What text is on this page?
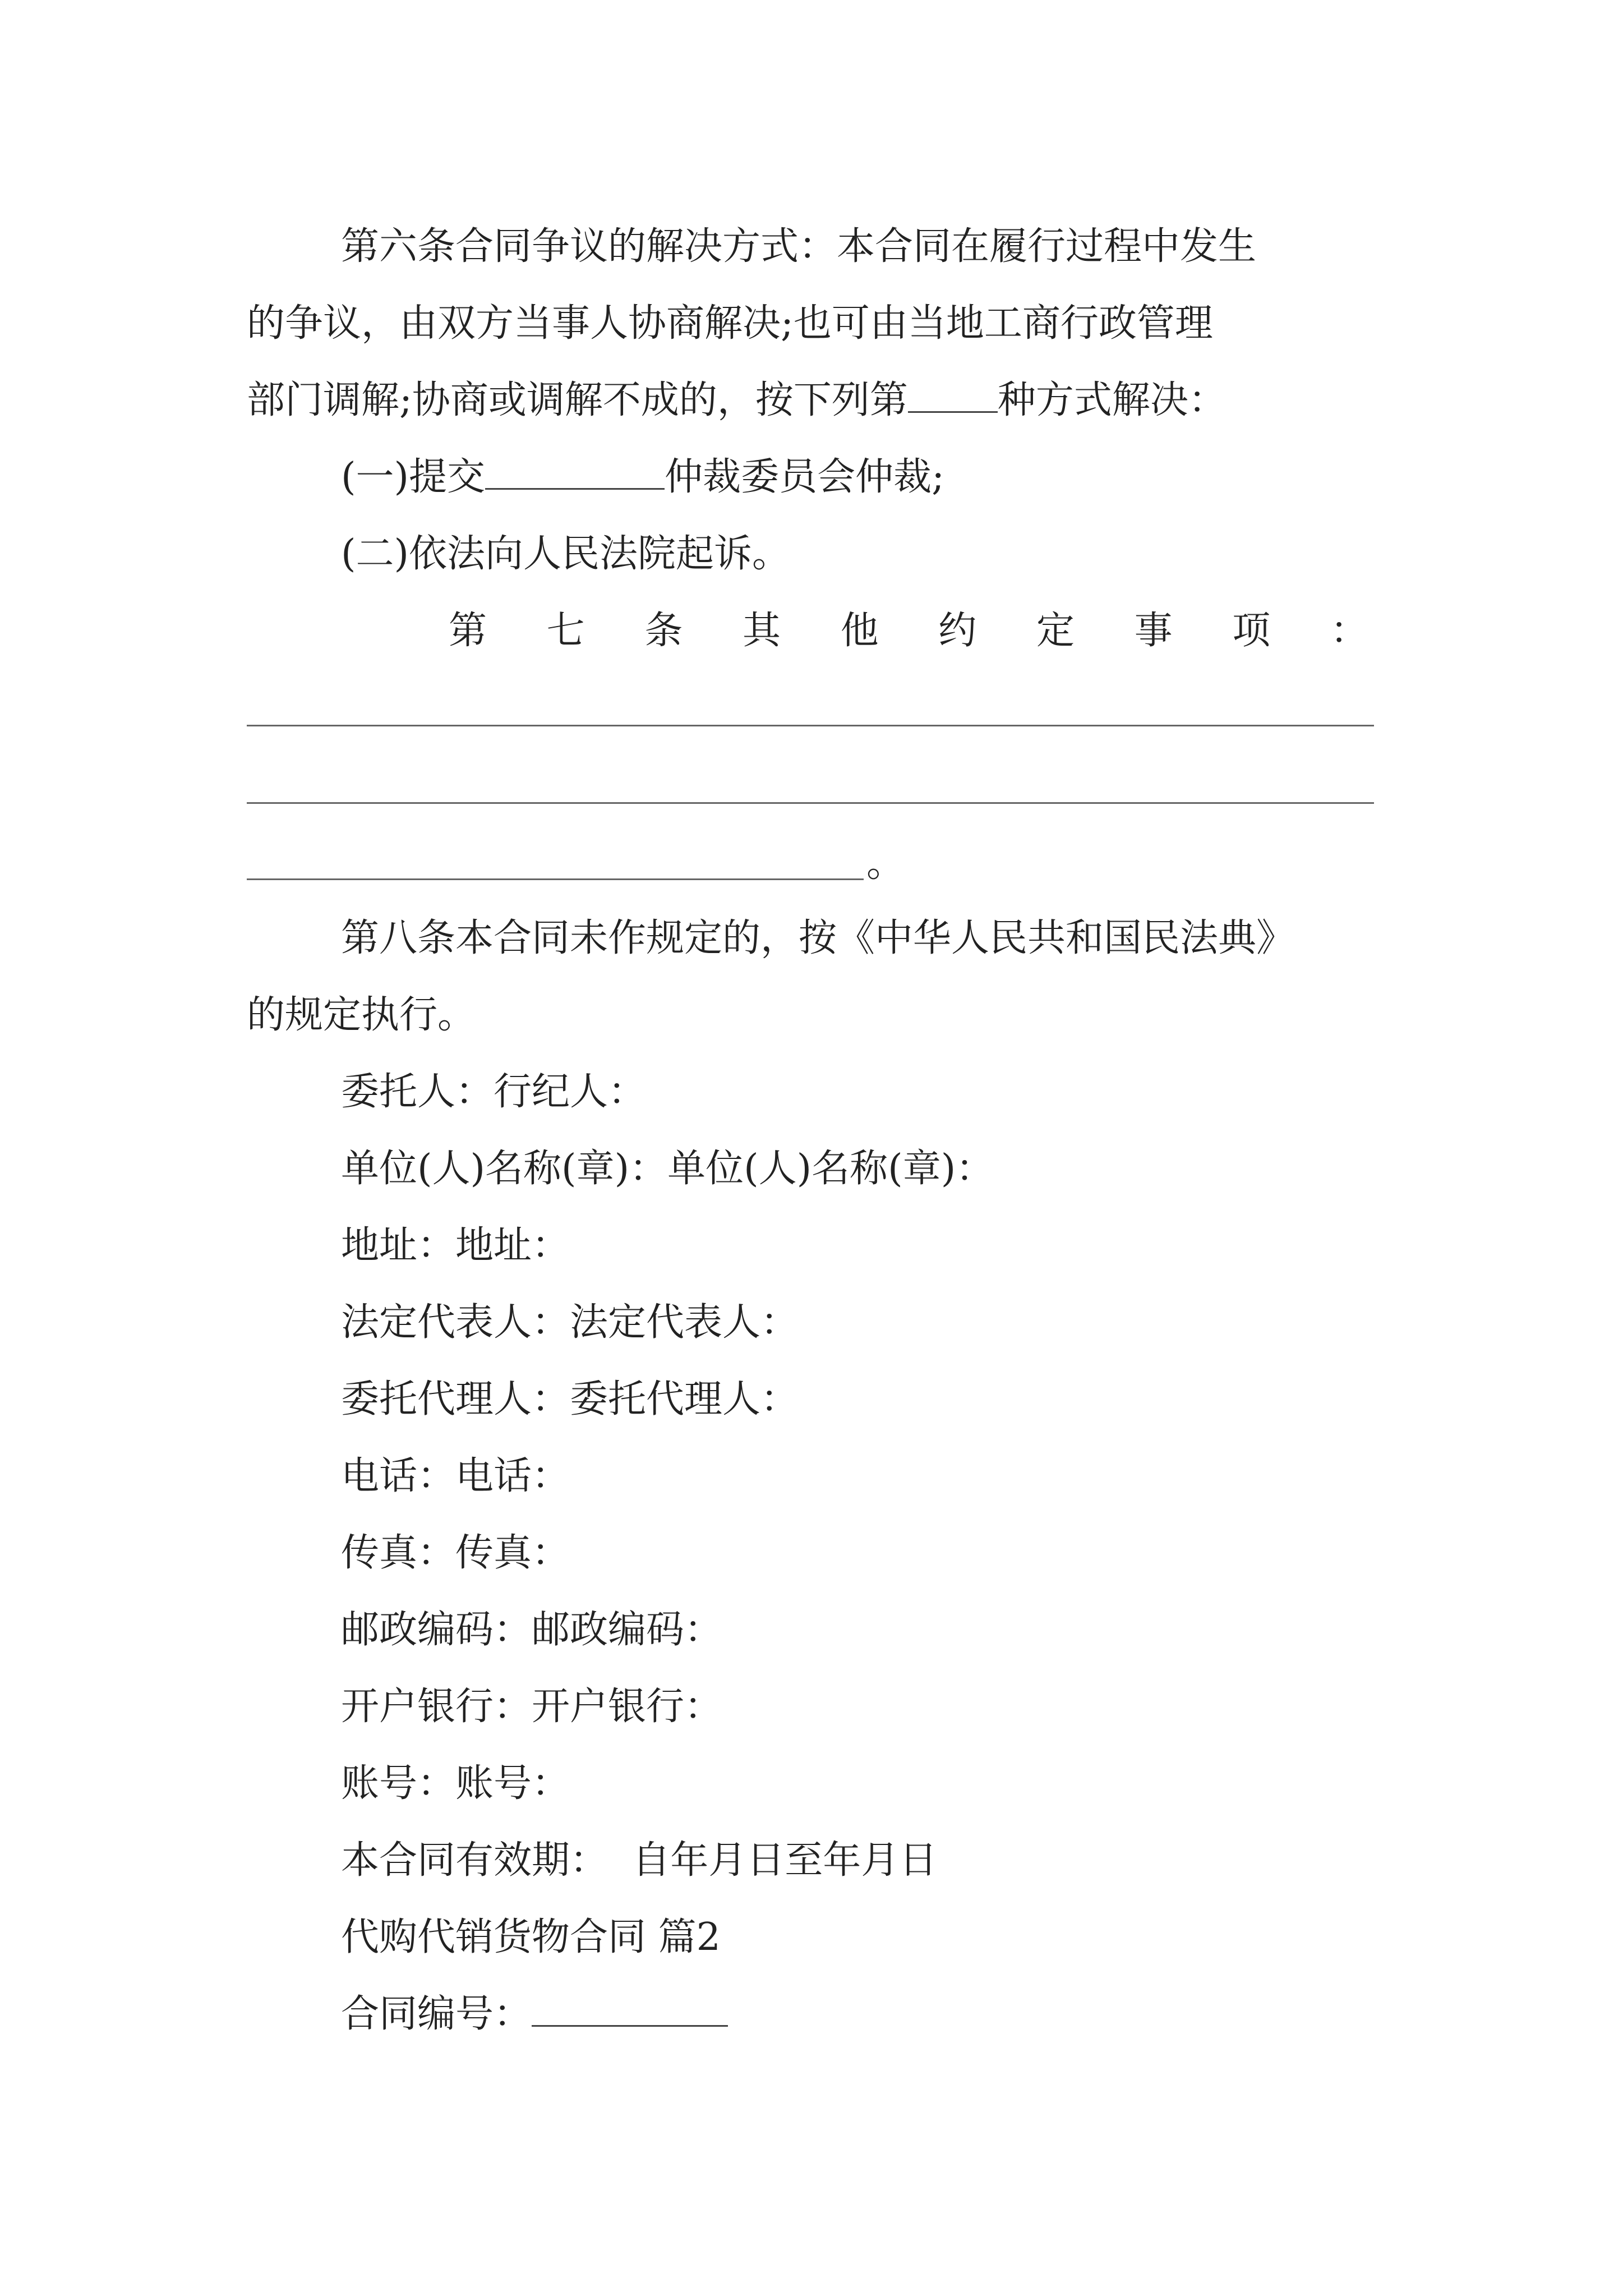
第六条合同争议的解决方式：本合同在履行过程中发生
的争议，由双方当事人协商解决;也可由当地工商行政管理
部门调解;协商或调解不成的，按下列第 种方式解决：
(一)提交	仲裁委员会仲裁;
(二)依法向人民法院起诉。
第 七 条 其 他 约 定 事 项 ：
。
第八条本合同未作规定的，按《中华人民共和国民法典》
的规定执行。
委托人：行纪人：
单位(人)名称(章)：单位(人)名称(章)：
地址：地址：
法定代表人：法定代表人：
委托代理人：委托代理人：
电话：电话：
传真：传真：
邮政编码：邮政编码：
开户银行：开户银行：
账号：账号：
本合同有效期：  自年月日至年月日
代购代销货物合同 篇2
合同编号：
